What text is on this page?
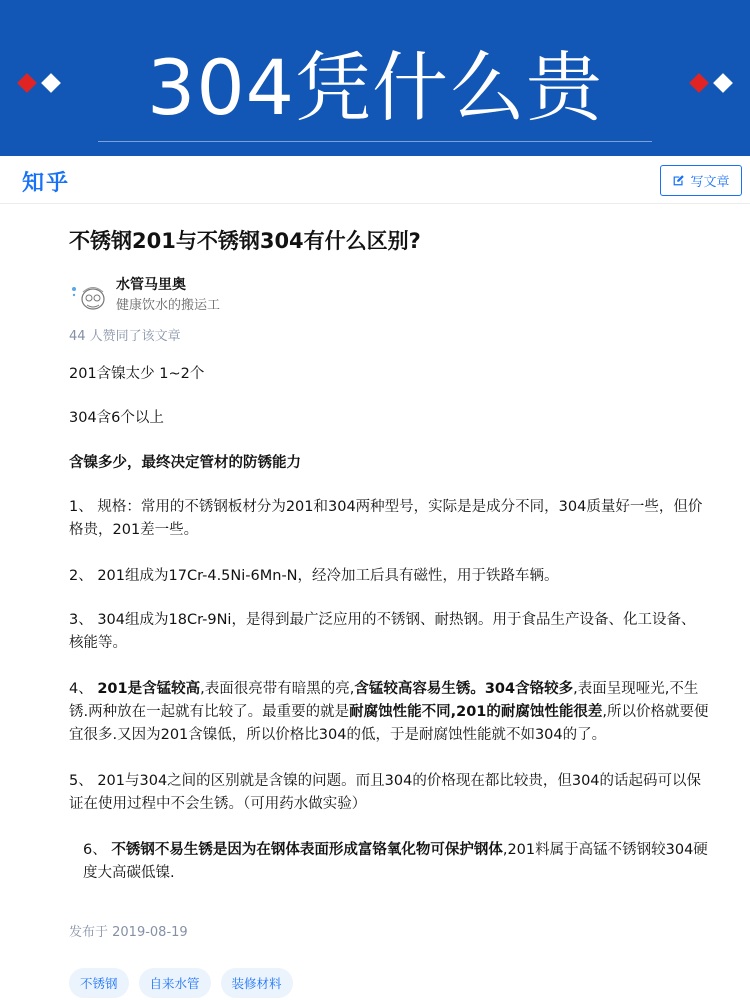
304凭什么贵
知乎	写文章
不锈钢201与不锈钢304有什么区别?
水管马里奥
健康饮水的搬运工
44 人赞同了该文章
201含镍太少 1~2个
304含6个以上
含镍多少，最终决定管材的防锈能力
1、 规格：常用的不锈钢板材分为201和304两种型号，实际是是成分不同，304质量好一些，但价格贵，201差一些。
2、 201组成为17Cr-4.5Ni-6Mn-N，经冷加工后具有磁性，用于铁路车辆。
3、 304组成为18Cr-9Ni，是得到最广泛应用的不锈钢、耐热钢。用于食品生产设备、化工设备、核能等。
4、 201是含锰较高,表面很亮带有暗黑的亮,含锰较高容易生锈。304含铬较多,表面呈现哑光,不生锈.两种放在一起就有比较了。最重要的就是耐腐蚀性能不同,201的耐腐蚀性能很差,所以价格就要便宜很多.又因为201含镍低，所以价格比304的低，于是耐腐蚀性能就不如304的了。
5、 201与304之间的区别就是含镍的问题。而且304的价格现在都比较贵，但304的话起码可以保证在使用过程中不会生锈。（可用药水做实验）
6、 不锈钢不易生锈是因为在钢体表面形成富铬氧化物可保护钢体,201料属于高锰不锈钢较304硬度大高碳低镍.
发布于 2019-08-19
不锈钢	自来水管	装修材料
